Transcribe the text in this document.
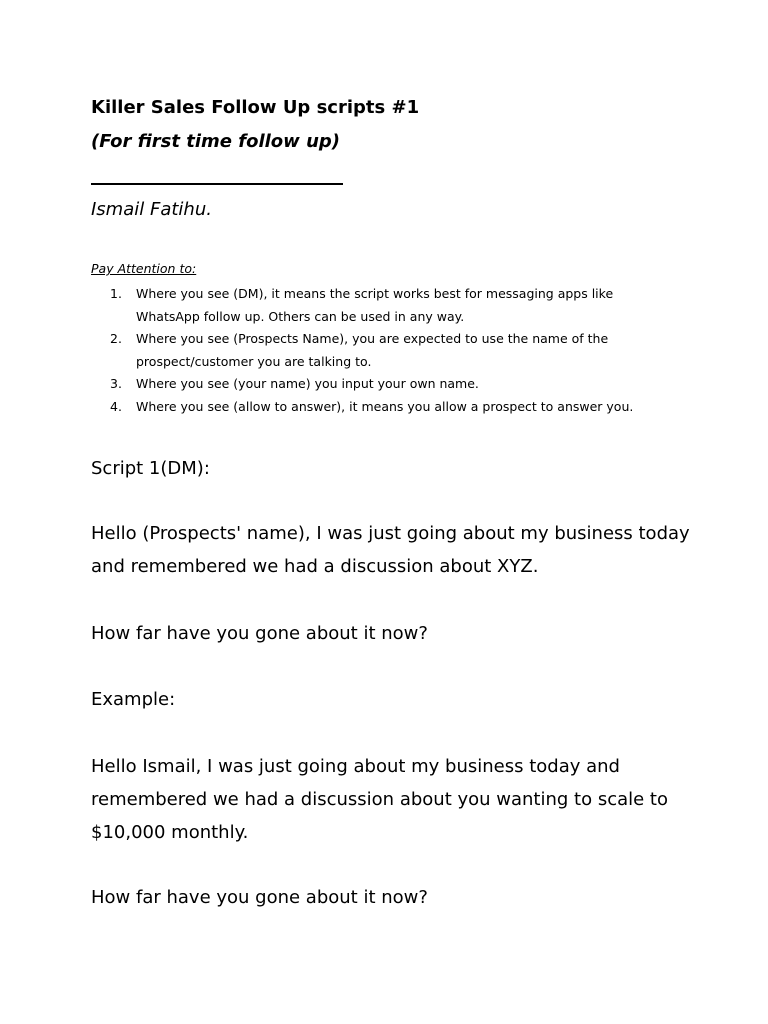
Killer Sales Follow Up scripts #1
(For first time follow up)
Ismail Fatihu.
Pay Attention to:
1. Where you see (DM), it means the script works best for messaging apps like WhatsApp follow up. Others can be used in any way.
2. Where you see (Prospects Name), you are expected to use the name of the prospect/customer you are talking to.
3. Where you see (your name) you input your own name.
4. Where you see (allow to answer), it means you allow a prospect to answer you.
Script 1(DM):
Hello (Prospects' name), I was just going about my business today and remembered we had a discussion about XYZ.
How far have you gone about it now?
Example:
Hello Ismail, I was just going about my business today and remembered we had a discussion about you wanting to scale to $10,000 monthly.
How far have you gone about it now?
